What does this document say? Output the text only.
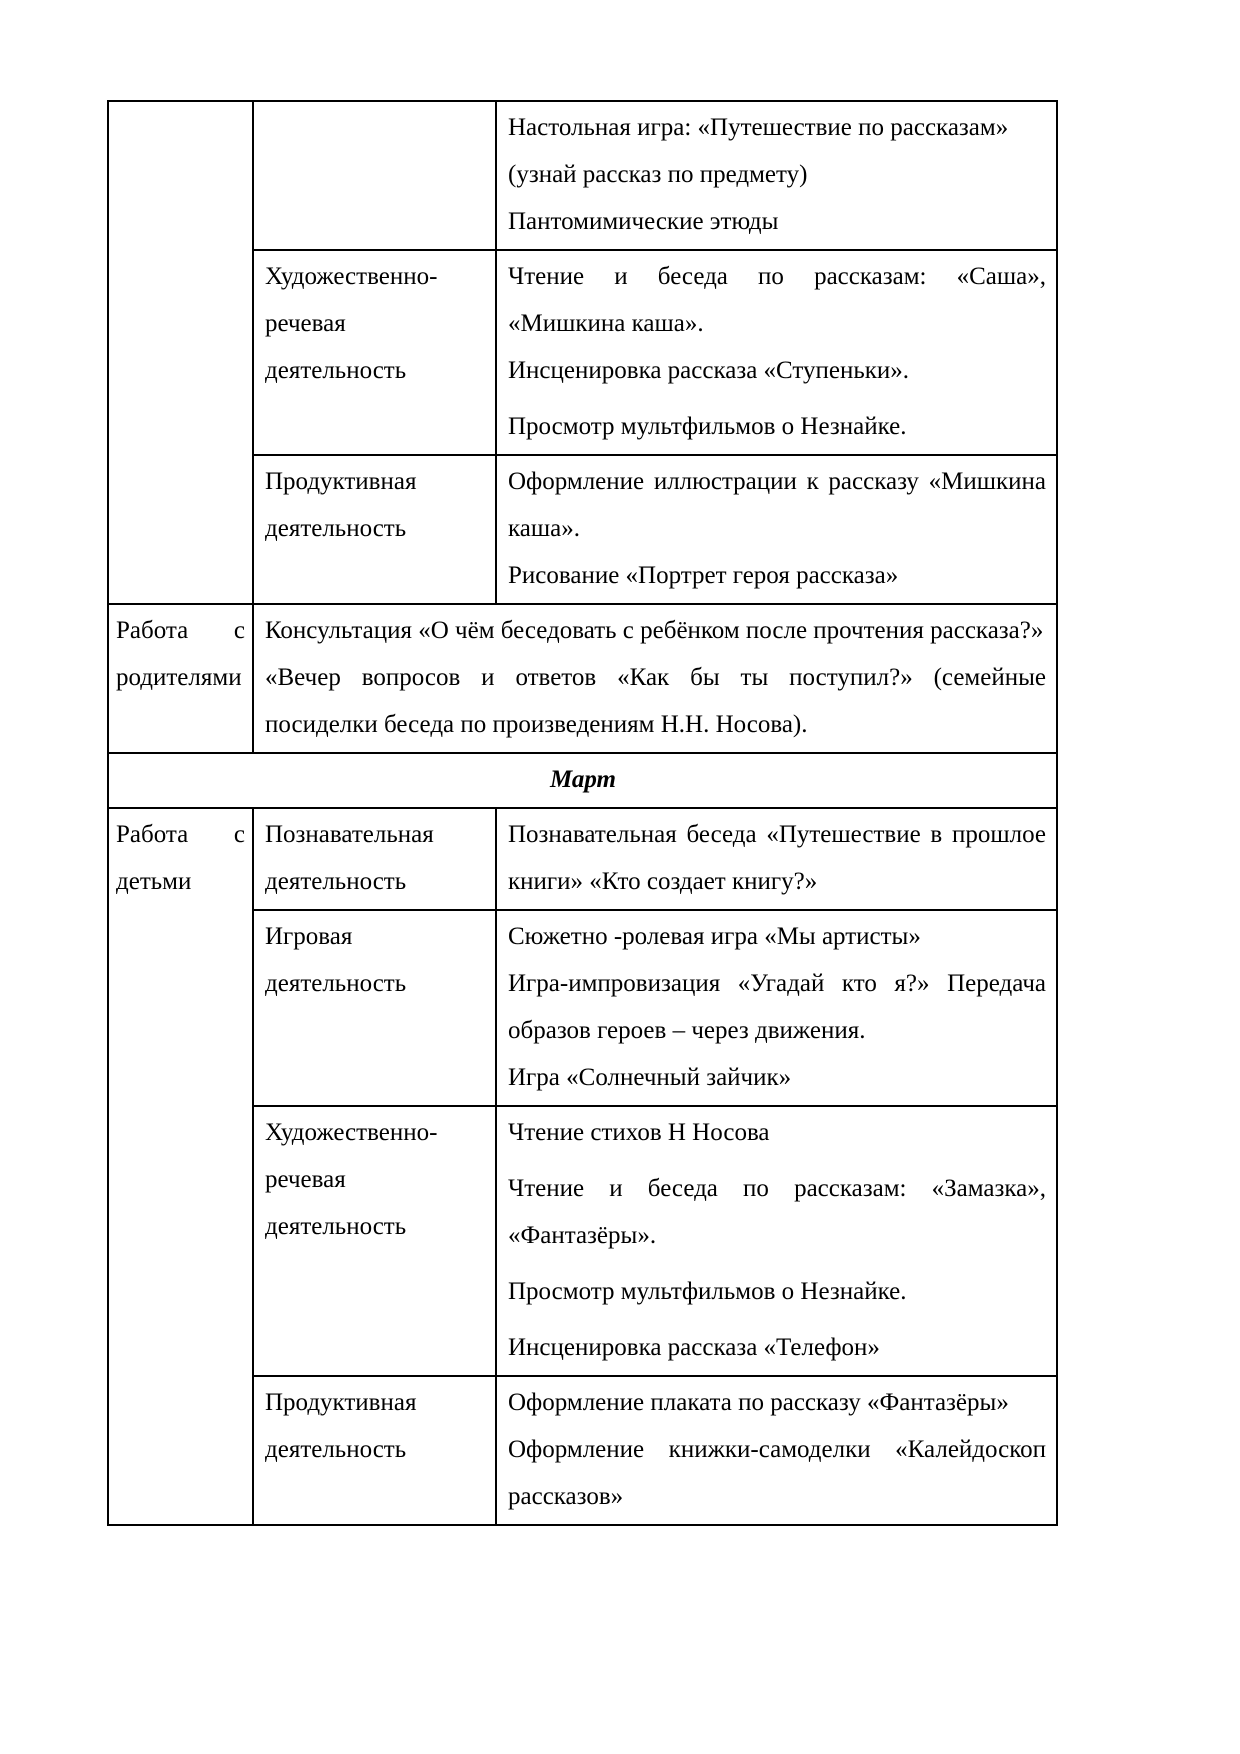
		Настольная игра: «Путешествие по рассказам»

(узнай рассказ по предмету)

Пантомимические этюды

	Художественно-речевая деятельность	Чтение и беседа по рассказам: «Саша», «Мишкина каша».

Инсценировка рассказа «Ступеньки».

Просмотр мультфильмов о Незнайке.

	Продуктивная деятельность	Оформление иллюстрации к рассказу «Мишкина каша».

Рисование «Портрет героя рассказа»

Работа с родителями	Консультация «О чём беседовать с ребёнком после прочтения рассказа?»

«Вечер вопросов и ответов «Как бы ты поступил?» (семейные посиделки беседа по произведениям Н.Н. Носова).	

Март		

Работа с детьми	Познавательная деятельность	Познавательная беседа «Путешествие в прошлое книги» «Кто создает книгу?»

	Игровая деятельность	Сюжетно -ролевая игра «Мы артисты»

Игра-импровизация «Угадай кто я?» Передача образов героев – через движения.

Игра «Солнечный зайчик»

	Художественно-речевая деятельность	Чтение стихов Н Носова

Чтение и беседа по рассказам: «Замазка», «Фантазёры».

Просмотр мультфильмов о Незнайке.

Инсценировка рассказа «Телефон»

	Продуктивная деятельность	Оформление плаката по рассказу «Фантазёры»

Оформление книжки-самоделки «Калейдоскоп рассказов»
